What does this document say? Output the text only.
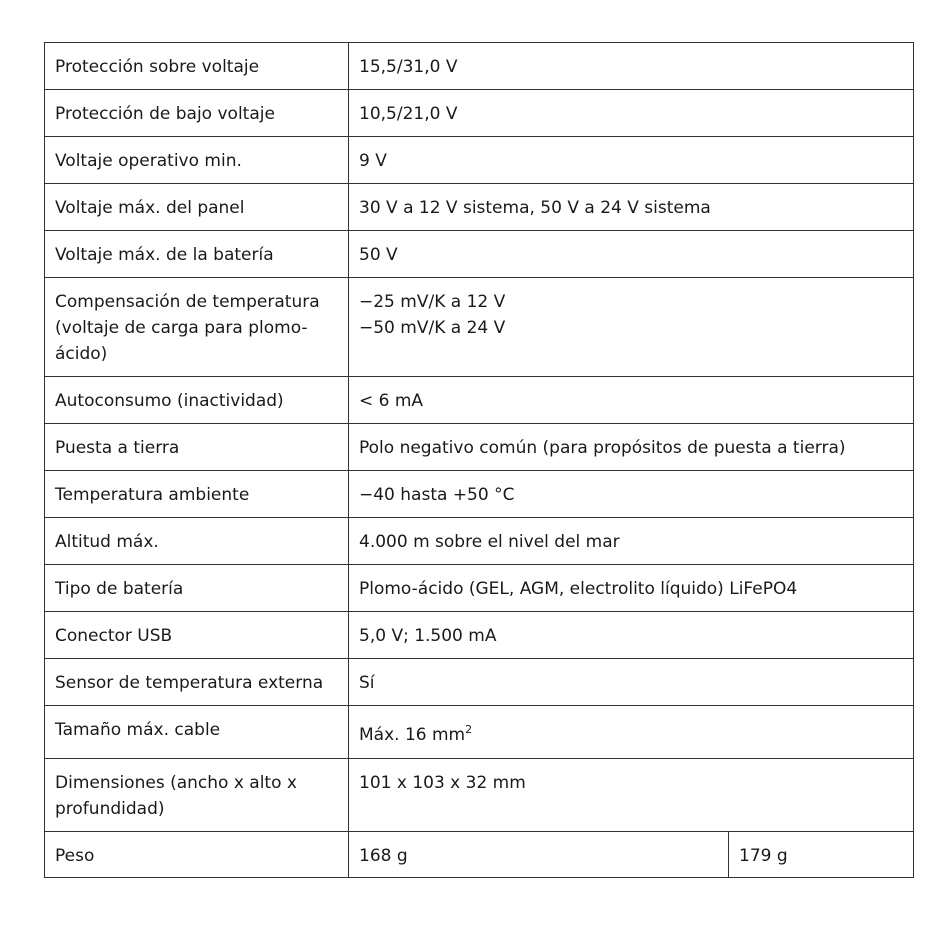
Protección sobre voltaje	15,5/31,0 V	
Protección de bajo voltaje	10,5/21,0 V	
Voltaje operativo min.	9 V	
Voltaje máx. del panel	30 V a 12 V sistema, 50 V a 24 V sistema	
Voltaje máx. de la batería	50 V	

Compensación de temperatura
(voltaje de carga para plomo-
ácido)	−25 mV/K a 12 V
−50 mV/K a 24 V	

Autoconsumo (inactividad)	< 6 mA	
Puesta a tierra	Polo negativo común (para propósitos de puesta a tierra)	
Temperatura ambiente	−40 hasta +50 °C	
Altitud máx.	4.000 m sobre el nivel del mar	
Tipo de batería	Plomo-ácido (GEL, AGM, electrolito líquido) LiFePO4	
Conector USB	5,0 V; 1.500 mA	
Sensor de temperatura externa	Sí	
Tamaño máx. cable	Máx. 16 $mm^2$

Dimensiones (ancho x alto x
profundidad)	101 x 103 x 32 mm	
Peso	168 g	179 g
